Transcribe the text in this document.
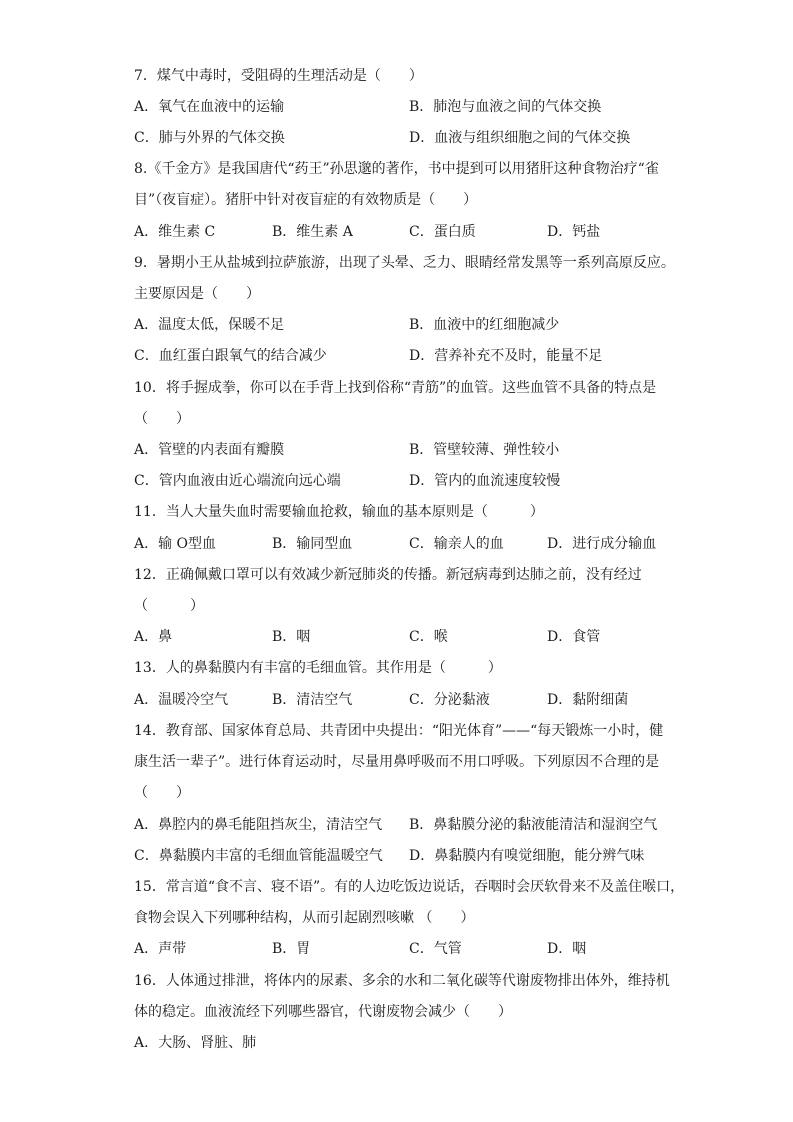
7．煤气中毒时，受阻碍的生理活动是（　　）
A．氧气在血液中的运输	B．肺泡与血液之间的气体交换
C．肺与外界的气体交换	D．血液与组织细胞之间的气体交换
8.《千金方》是我国唐代“药王”孙思邈的著作，书中提到可以用猪肝这种食物治疗“雀
目”（夜盲症）。猪肝中针对夜盲症的有效物质是（　　）
A．维生素 C	B．维生素 A	C．蛋白质	D．钙盐
9．暑期小王从盐城到拉萨旅游，出现了头晕、乏力、眼睛经常发黑等一系列高原反应。
主要原因是（　　）
A．温度太低，保暖不足	B．血液中的红细胞减少
C．血红蛋白跟氧气的结合减少	D．营养补充不及时，能量不足
10．将手握成拳，你可以在手背上找到俗称“青筋”的血管。这些血管不具备的特点是
（　　）
A．管壁的内表面有瓣膜	B．管壁较薄、弹性较小
C．管内血液由近心端流向远心端	D．管内的血流速度较慢
11．当人大量失血时需要输血抢救，输血的基本原则是（　　　）
A．输 O型血	B．输同型血	C．输亲人的血	D．进行成分输血
12．正确佩戴口罩可以有效减少新冠肺炎的传播。新冠病毒到达肺之前，没有经过
（　　　）
A．鼻	B．咽	C．喉	D．食管
13．人的鼻黏膜内有丰富的毛细血管。其作用是（　　　）
A．温暖冷空气	B．清洁空气	C．分泌黏液	D．黏附细菌
14．教育部、国家体育总局、共青团中央提出：“阳光体育”——“每天锻炼一小时，健
康生活一辈子”。进行体育运动时，尽量用鼻呼吸而不用口呼吸。下列原因不合理的是
（　　）
A．鼻腔内的鼻毛能阻挡灰尘，清洁空气 B．鼻黏膜分泌的黏液能清洁和湿润空气
C．鼻黏膜内丰富的毛细血管能温暖空气 D．鼻黏膜内有嗅觉细胞，能分辨气味
15．常言道“食不言、寝不语”。有的人边吃饭边说话，吞咽时会厌软骨来不及盖住喉口，
食物会误入下列哪种结构，从而引起剧烈咳嗽 （　　）
A．声带	B．胃	C．气管	D．咽
16．人体通过排泄，将体内的尿素、多余的水和二氧化碳等代谢废物排出体外，维持机
体的稳定。血液流经下列哪些器官，代谢废物会减少（　　）
A．大肠、肾脏、肺
